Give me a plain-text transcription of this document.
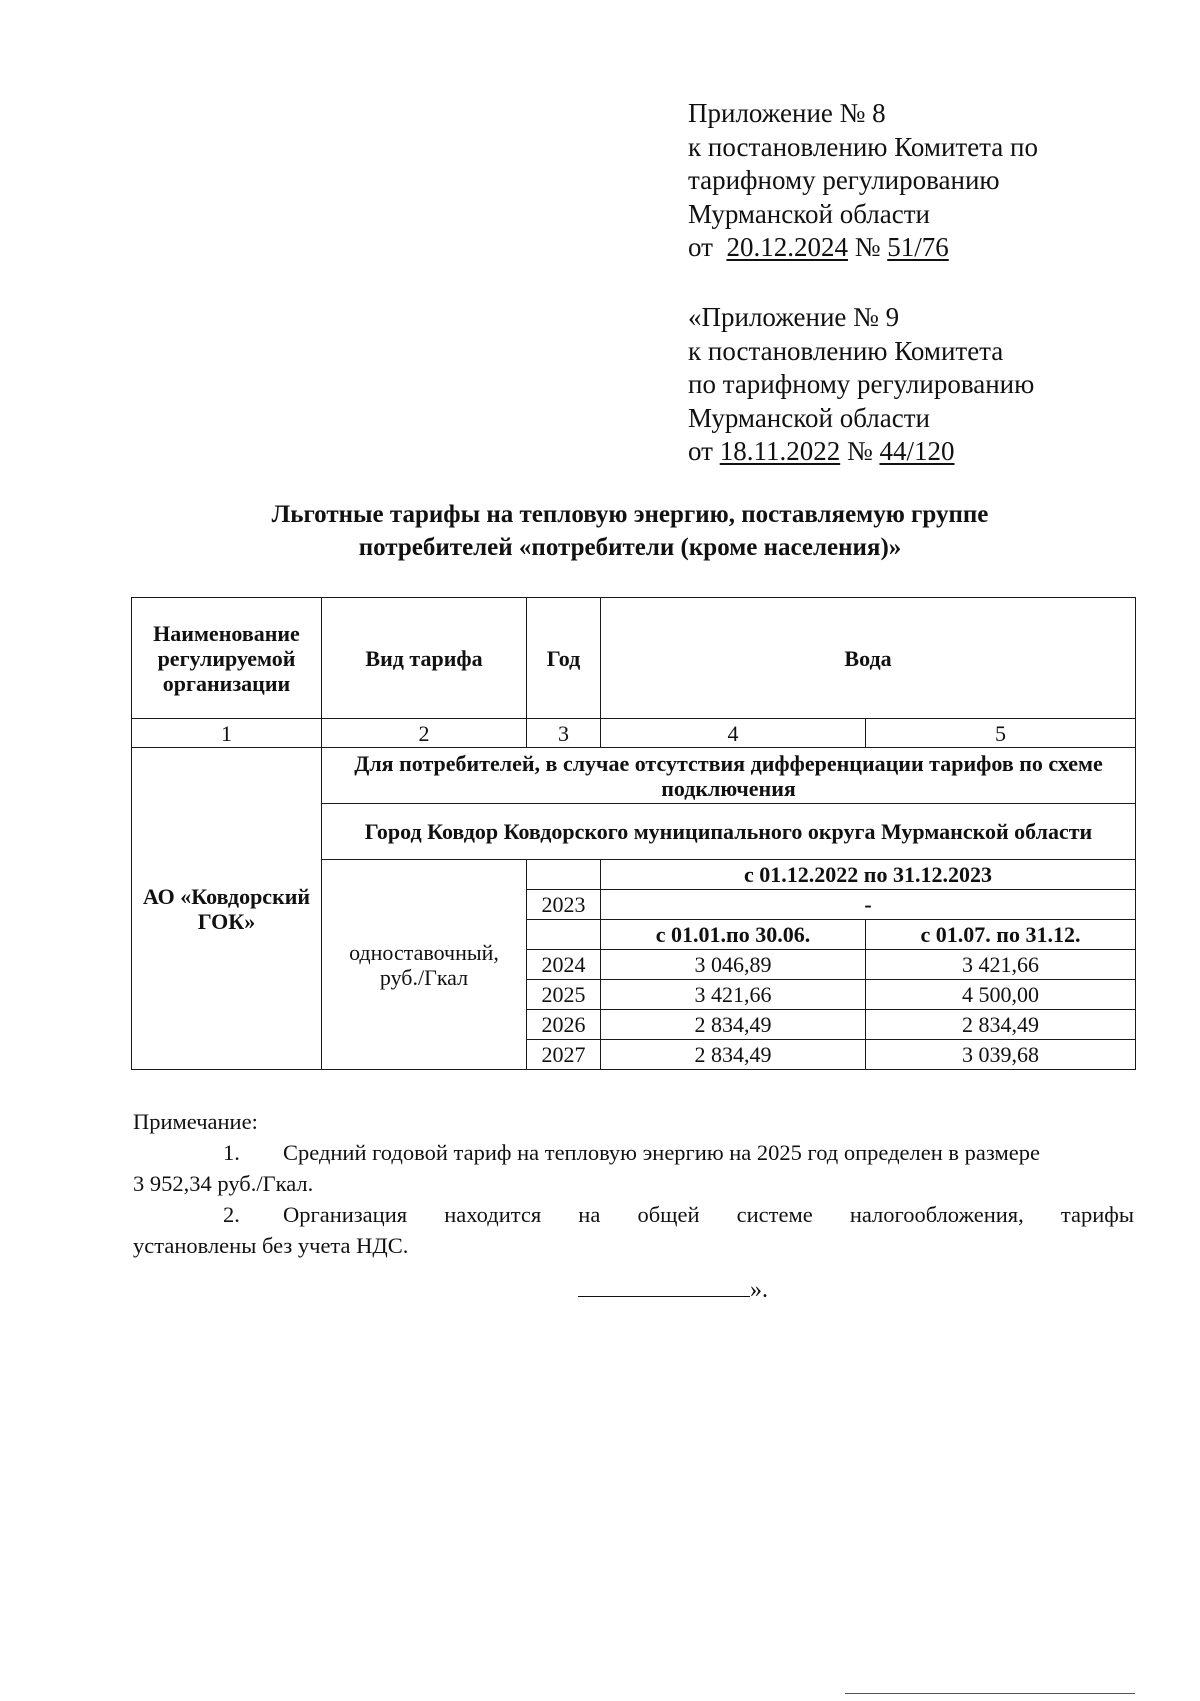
Приложение № 8
к постановлению Комитета по
тарифному регулированию
Мурманской области
от 20.12.2024 № 51/76
«Приложение № 9
к постановлению Комитета
по тарифному регулированию
Мурманской области
от 18.11.2022 № 44/120
Льготные тарифы на тепловую энергию, поставляемую группе
потребителей «потребители (кроме населения)»
Наименование регулируемой организации	Вид тарифа	Год	Вода	
1	2	3	4	5
АО «Ковдорский ГОК»	Для потребителей, в случае отсутствия дифференциации тарифов по схеме подключения			
	Город Ковдор Ковдорского муниципального округа Мурманской области			
	одноставочный, руб./Гкал		с 01.12.2022 по 31.12.2023	
		2023	-	
			с 01.01.по 30.06.	с 01.07. по 31.12.
		2024	3 046,89	3 421,66
		2025	3 421,66	4 500,00
		2026	2 834,49	2 834,49
		2027	2 834,49	3 039,68
Примечание:
1. Средний годовой тариф на тепловую энергию на 2025 год определен в размере
3 952,34 руб./Гкал.
2. Организация находится на общей системе налогообложения, тарифы
установлены без учета НДС.
».
